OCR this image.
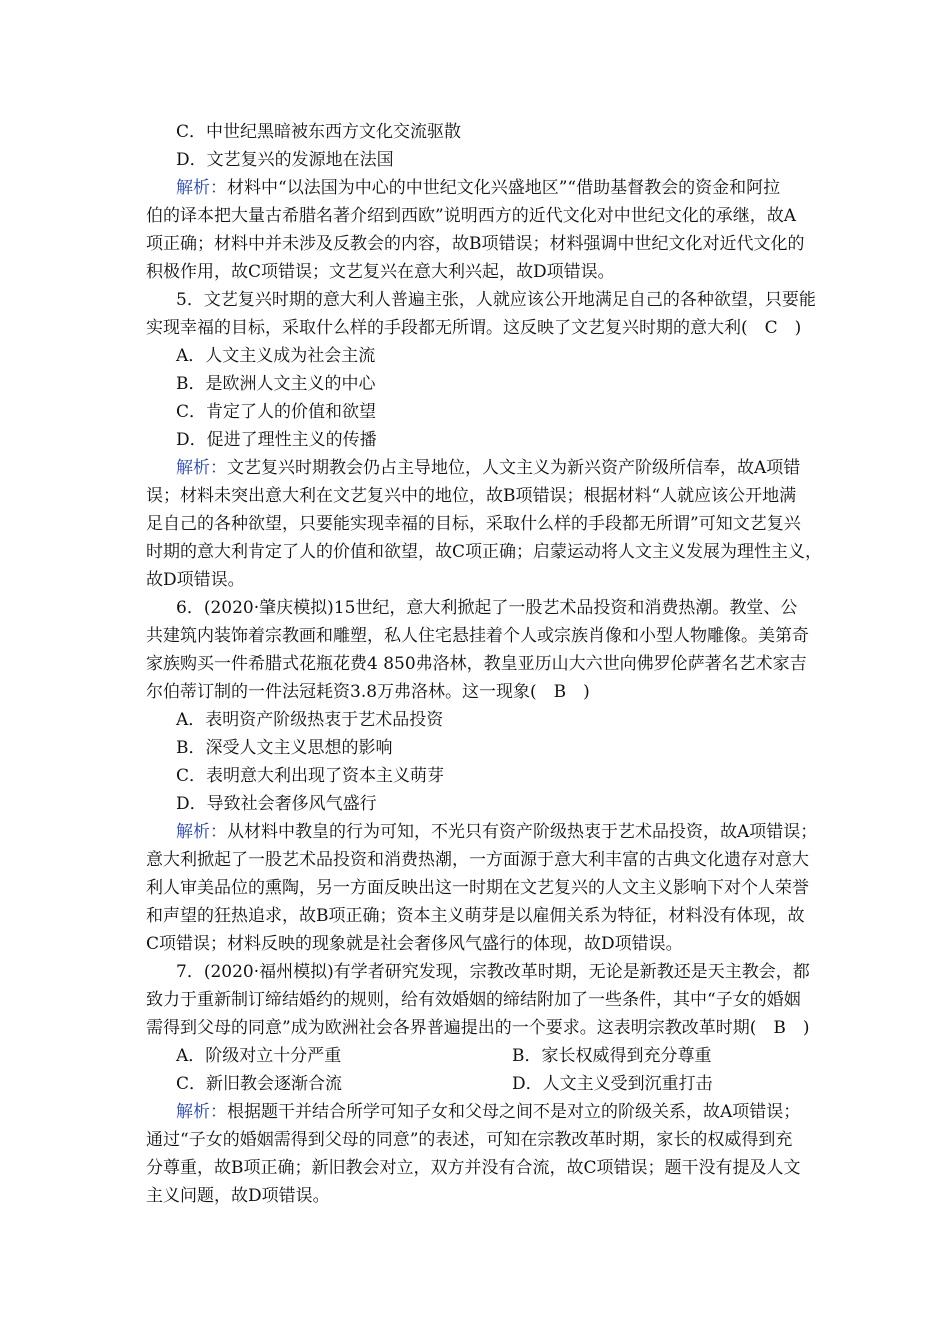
C．中世纪黑暗被东西方文化交流驱散
D．文艺复兴的发源地在法国
解析：材料中“以法国为中心的中世纪文化兴盛地区”“借助基督教会的资金和阿拉
伯的译本把大量古希腊名著介绍到西欧”说明西方的近代文化对中世纪文化的承继，故A
项正确；材料中并未涉及反教会的内容，故B项错误；材料强调中世纪文化对近代文化的
积极作用，故C项错误；文艺复兴在意大利兴起，故D项错误。
5．文艺复兴时期的意大利人普遍主张，人就应该公开地满足自己的各种欲望，只要能
实现幸福的目标，采取什么样的手段都无所谓。这反映了文艺复兴时期的意大利(　C　)
A．人文主义成为社会主流
B．是欧洲人文主义的中心
C．肯定了人的价值和欲望
D．促进了理性主义的传播
解析：文艺复兴时期教会仍占主导地位，人文主义为新兴资产阶级所信奉，故A项错
误；材料未突出意大利在文艺复兴中的地位，故B项错误；根据材料“人就应该公开地满
足自己的各种欲望，只要能实现幸福的目标，采取什么样的手段都无所谓”可知文艺复兴
时期的意大利肯定了人的价值和欲望，故C项正确；启蒙运动将人文主义发展为理性主义，
故D项错误。
6．(2020·肇庆模拟)15世纪，意大利掀起了一股艺术品投资和消费热潮。教堂、公
共建筑内装饰着宗教画和雕塑，私人住宅悬挂着个人或宗族肖像和小型人物雕像。美第奇
家族购买一件希腊式花瓶花费4 850弗洛林，教皇亚历山大六世向佛罗伦萨著名艺术家吉
尔伯蒂订制的一件法冠耗资3.8万弗洛林。这一现象(　B　)
A．表明资产阶级热衷于艺术品投资
B．深受人文主义思想的影响
C．表明意大利出现了资本主义萌芽
D．导致社会奢侈风气盛行
解析：从材料中教皇的行为可知，不光只有资产阶级热衷于艺术品投资，故A项错误；
意大利掀起了一股艺术品投资和消费热潮，一方面源于意大利丰富的古典文化遗存对意大
利人审美品位的熏陶，另一方面反映出这一时期在文艺复兴的人文主义影响下对个人荣誉
和声望的狂热追求，故B项正确；资本主义萌芽是以雇佣关系为特征，材料没有体现，故
C项错误；材料反映的现象就是社会奢侈风气盛行的体现，故D项错误。
7．(2020·福州模拟)有学者研究发现，宗教改革时期，无论是新教还是天主教会，都
致力于重新制订缔结婚约的规则，给有效婚姻的缔结附加了一些条件，其中“子女的婚姻
需得到父母的同意”成为欧洲社会各界普遍提出的一个要求。这表明宗教改革时期(　B　)
A．阶级对立十分严重	B．家长权威得到充分尊重
C．新旧教会逐渐合流	D．人文主义受到沉重打击
解析：根据题干并结合所学可知子女和父母之间不是对立的阶级关系，故A项错误；
通过“子女的婚姻需得到父母的同意”的表述，可知在宗教改革时期，家长的权威得到充
分尊重，故B项正确；新旧教会对立，双方并没有合流，故C项错误；题干没有提及人文
主义问题，故D项错误。
